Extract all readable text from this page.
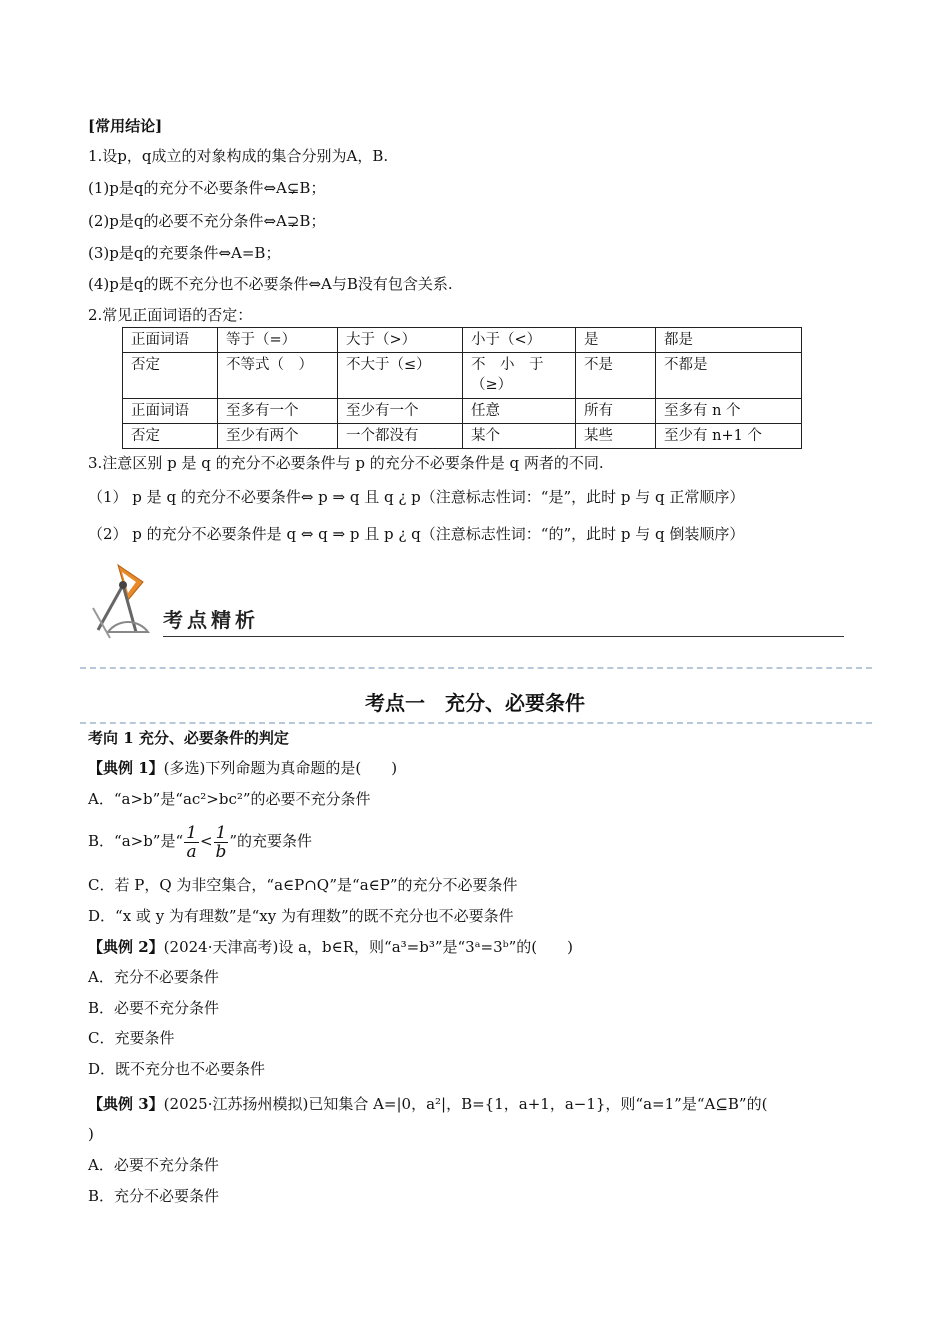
[常用结论]
1.设p，q成立的对象构成的集合分别为A，B.
(1)p是q的充分不必要条件⇔A⊊B；
(2)p是q的必要不充分条件⇔A⊋B；
(3)p是q的充要条件⇔A=B；
(4)p是q的既不充分也不必要条件⇔A与B没有包含关系.
2.常见正面词语的否定：
正面词语	等于（=）	大于（>）	小于（<）	是	都是
否定	不等式（　）	不大于（≤）	不　小　于（≥）	不是	不都是
正面词语	至多有一个	至少有一个	任意	所有	至多有 n 个
否定	至少有两个	一个都没有	某个	某些	至少有 n+1 个
3.注意区别 p 是 q 的充分不必要条件与 p 的充分不必要条件是 q 两者的不同.
（1） p 是 q 的充分不必要条件⇔ p ⇒ q 且 q ¿ p（注意标志性词：“是”，此时 p 与 q 正常顺序）
（2） p 的充分不必要条件是 q ⇔ q ⇒ p 且 p ¿ q（注意标志性词：“的”，此时 p 与 q 倒装顺序）
考点精析
考点一　充分、必要条件
考向 1 充分、必要条件的判定
【典例 1】(多选)下列命题为真命题的是(　　)
A．“a>b”是“ac²>bc²”的必要不充分条件
B．“a>b”是“ $\frac{1}{a} < \frac{1}{b}$ ”的充要条件
C．若 P，Q 为非空集合，“a∈P∩Q”是“a∈P”的充分不必要条件
D．“x 或 y 为有理数”是“xy 为有理数”的既不充分也不必要条件
【典例 2】(2024·天津高考)设 a，b∈R，则“a³=b³”是“3ᵃ=3ᵇ”的(　　)
A．充分不必要条件
B．必要不充分条件
C．充要条件
D．既不充分也不必要条件
【典例 3】(2025·江苏扬州模拟)已知集合 A=|0，a²|，B={1，a+1，a−1}，则“a=1”是“A⊆B”的(
)
A．必要不充分条件
B．充分不必要条件
